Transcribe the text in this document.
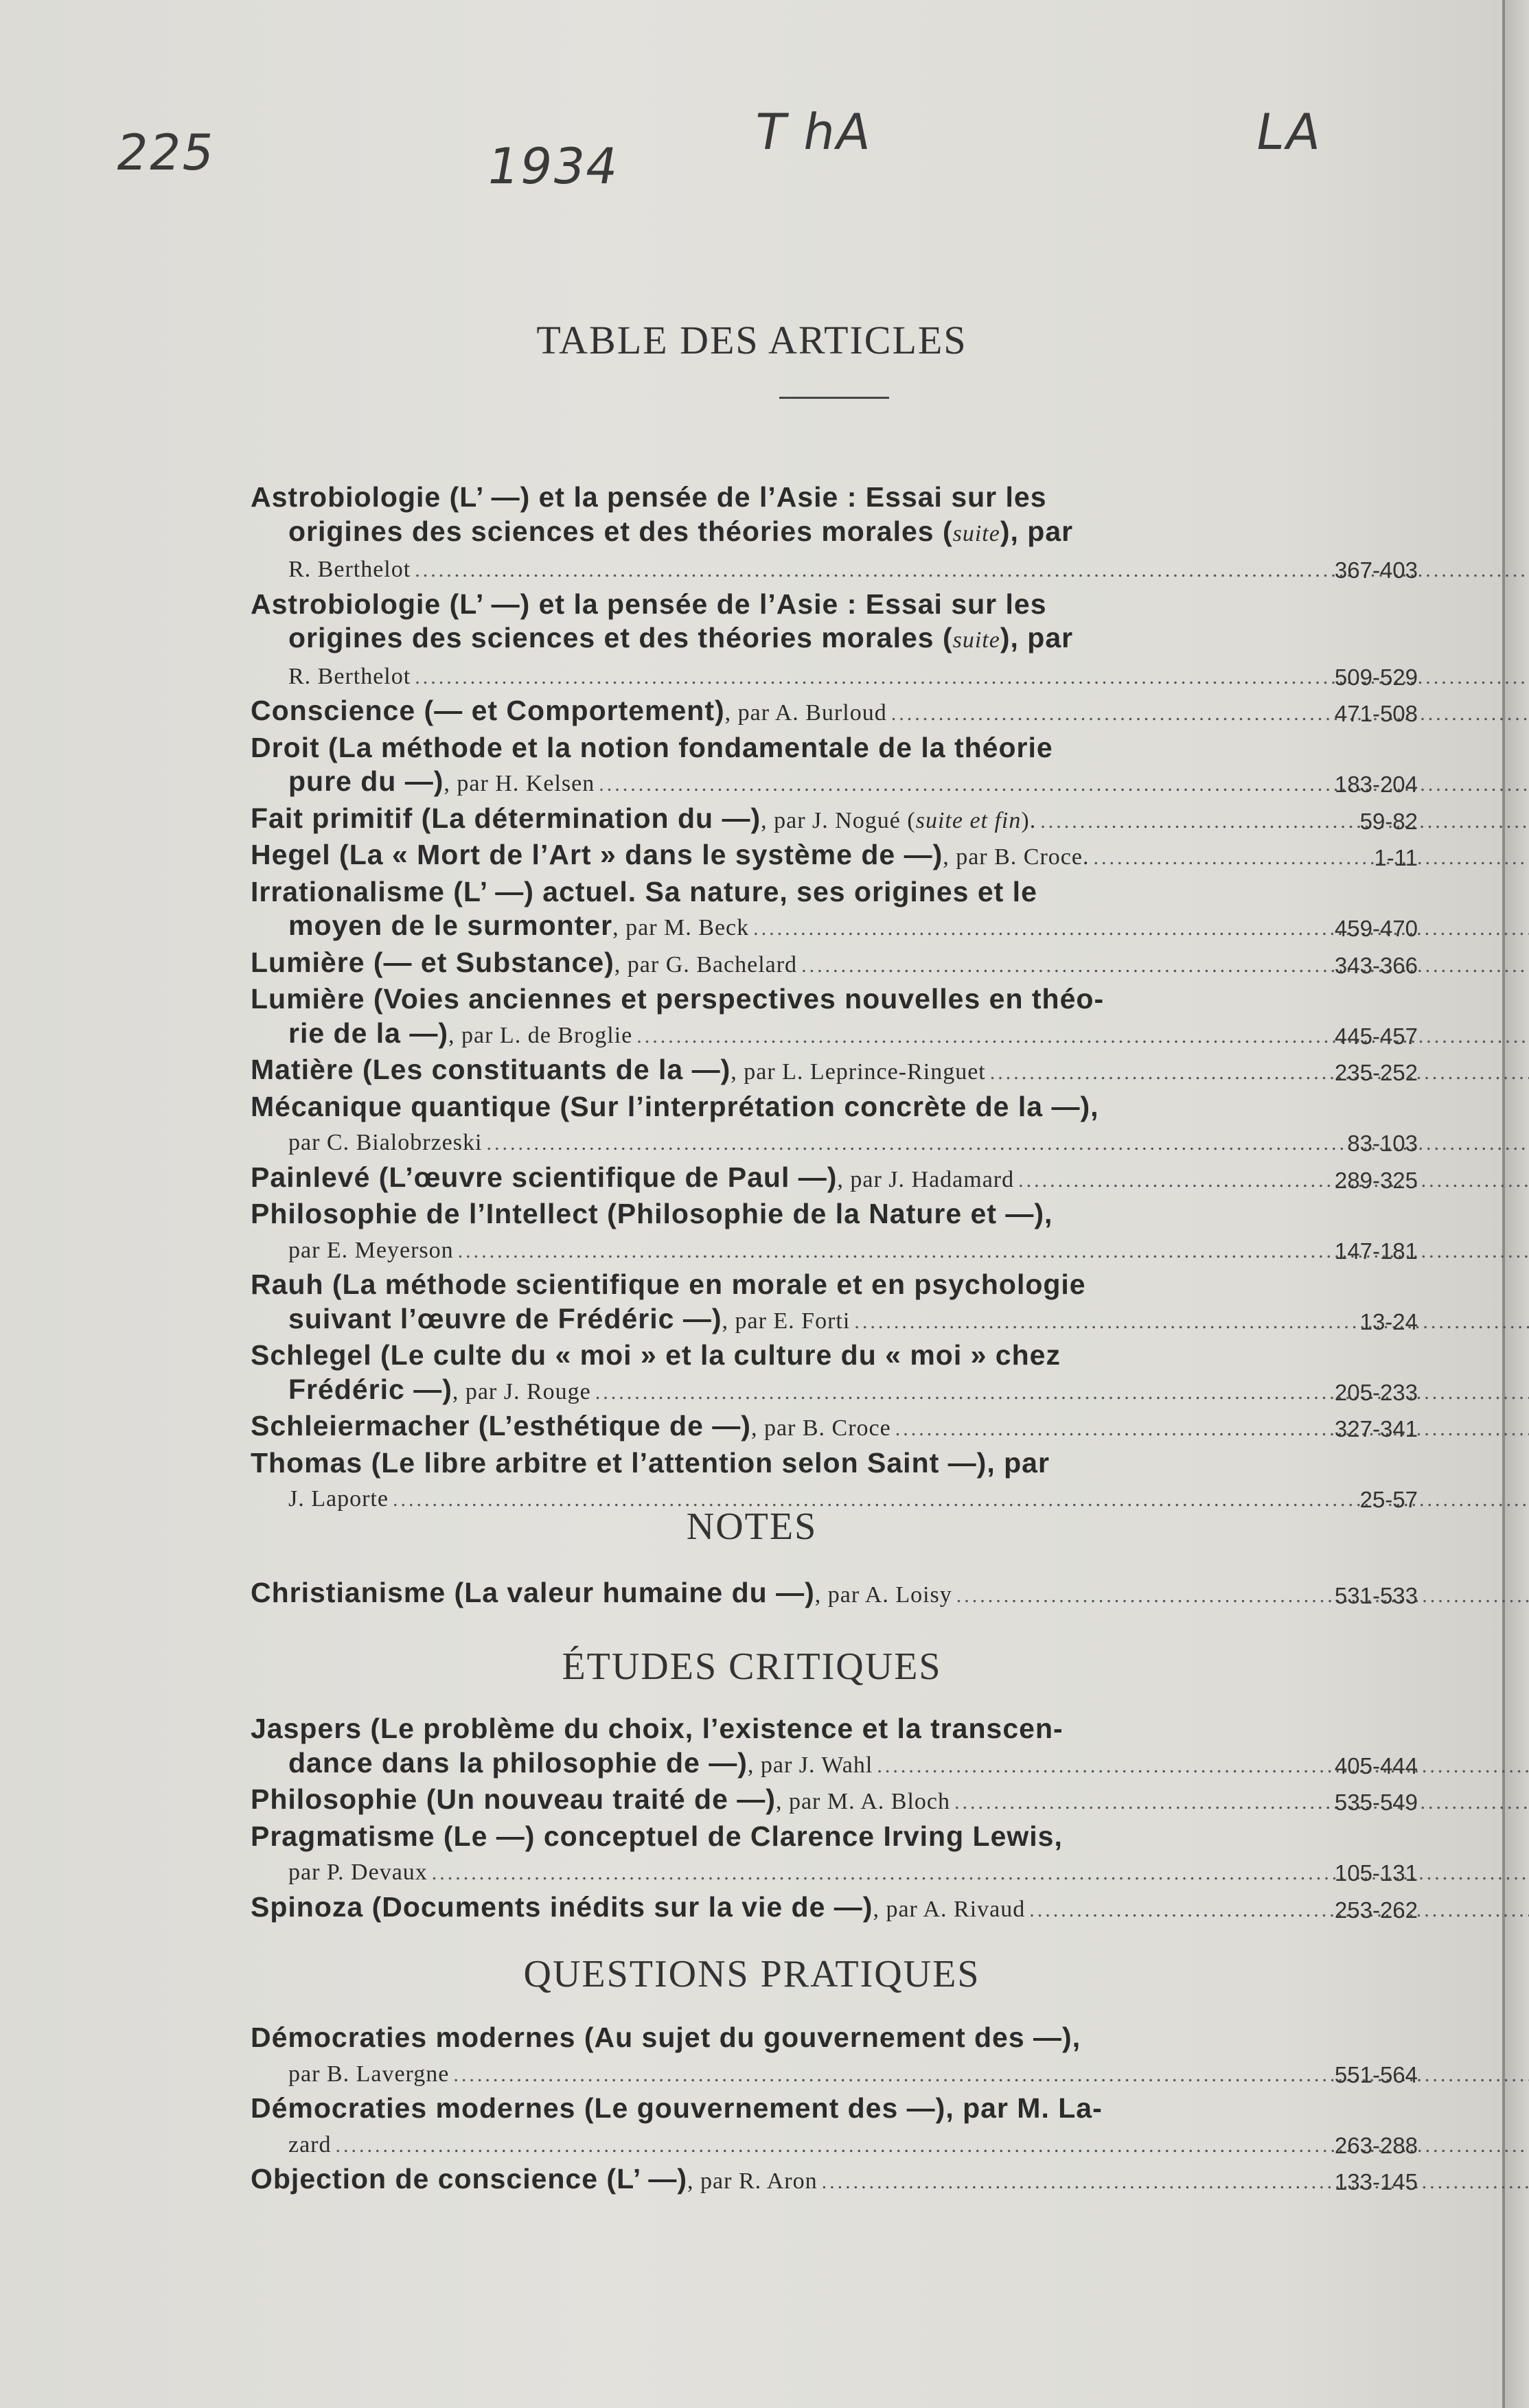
225	1934
T hA	LA
TABLE DES ARTICLES
Astrobiologie (L’ —) et la pensée de l’Asie : Essai sur les
origines des sciences et des théories morales (suite), par
R. Berthelot .....	367-403
Astrobiologie (L’ —) et la pensée de l’Asie : Essai sur les
origines des sciences et des théories morales (suite), par
R. Berthelot .....	509-529
Conscience (— et Comportement), par A. Burloud .....	471-508
Droit (La méthode et la notion fondamentale de la théorie
pure du —), par H. Kelsen .....	183-204
Fait primitif (La détermination du —), par J. Nogué (suite et fin). .....	59-82
Hegel (La « Mort de l’Art » dans le système de —), par B. Croce. .....	1-11
Irrationalisme (L’ —) actuel. Sa nature, ses origines et le
moyen de le surmonter, par M. Beck .....	459-470
Lumière (— et Substance), par G. Bachelard .....	343-366
Lumière (Voies anciennes et perspectives nouvelles en théo-
rie de la —), par L. de Broglie .....	445-457
Matière (Les constituants de la —), par L. Leprince-Ringuet .....	235-252
Mécanique quantique (Sur l’interprétation concrète de la —),
par C. Bialobrzeski .....	83-103
Painlevé (L’œuvre scientifique de Paul —), par J. Hadamard .....	289-325
Philosophie de l’Intellect (Philosophie de la Nature et —),
par E. Meyerson .....	147-181
Rauh (La méthode scientifique en morale et en psychologie
suivant l’œuvre de Frédéric —), par E. Forti .....	13-24
Schlegel (Le culte du « moi » et la culture du « moi » chez
Frédéric —), par J. Rouge .....	205-233
Schleiermacher (L’esthétique de —), par B. Croce .....	327-341
Thomas (Le libre arbitre et l’attention selon Saint —), par
J. Laporte .....	25-57
NOTES
Christianisme (La valeur humaine du —), par A. Loisy .....	531-533
ÉTUDES CRITIQUES
Jaspers (Le problème du choix, l’existence et la transcen-
dance dans la philosophie de —), par J. Wahl .....	405-444
Philosophie (Un nouveau traité de —), par M. A. Bloch .....	535-549
Pragmatisme (Le —) conceptuel de Clarence Irving Lewis,
par P. Devaux .....	105-131
Spinoza (Documents inédits sur la vie de —), par A. Rivaud .....	253-262
QUESTIONS PRATIQUES
Démocraties modernes (Au sujet du gouvernement des —),
par B. Lavergne .....	551-564
Démocraties modernes (Le gouvernement des —), par M. La-
zard .....	263-288
Objection de conscience (L’ —), par R. Aron .....	133-145
